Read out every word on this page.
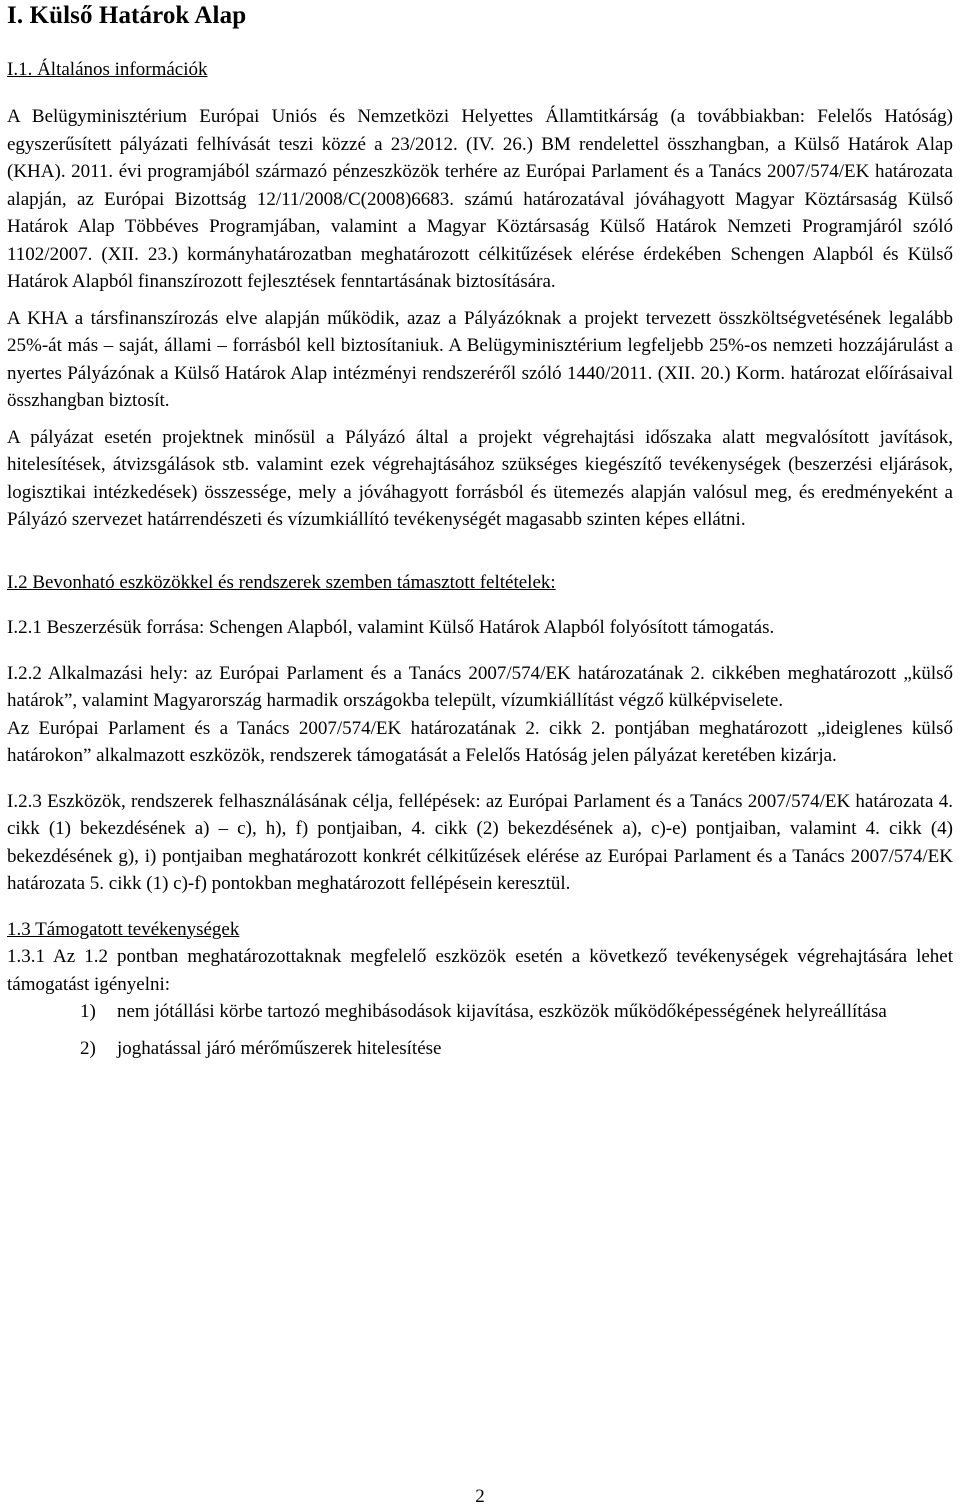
I. Külső Határok Alap
I.1. Általános információk

A Belügyminisztérium Európai Uniós és Nemzetközi Helyettes Államtitkárság (a továbbiakban: Felelős Hatóság) egyszerűsített pályázati felhívását teszi közzé a 23/2012. (IV. 26.) BM rendelettel összhangban, a Külső Határok Alap (KHA). 2011. évi programjából származó pénzeszközök terhére az Európai Parlament és a Tanács 2007/574/EK határozata alapján, az Európai Bizottság 12/11/2008/C(2008)6683. számú határozatával jóváhagyott Magyar Köztársaság Külső Határok Alap Többéves Programjában, valamint a Magyar Köztársaság Külső Határok Nemzeti Programjáról szóló 1102/2007. (XII. 23.) kormányhatározatban meghatározott célkitűzések elérése érdekében Schengen Alapból és Külső Határok Alapból finanszírozott fejlesztések fenntartásának biztosítására.

A KHA a társfinanszírozás elve alapján működik, azaz a Pályázóknak a projekt tervezett összköltségvetésének legalább 25%-át más – saját, állami – forrásból kell biztosítaniuk. A Belügyminisztérium legfeljebb 25%-os nemzeti hozzájárulást a nyertes Pályázónak a Külső Határok Alap intézményi rendszeréről szóló 1440/2011. (XII. 20.) Korm. határozat előírásaival összhangban biztosít.

A pályázat esetén projektnek minősül a Pályázó által a projekt végrehajtási időszaka alatt megvalósított javítások, hitelesítések, átvizsgálások stb. valamint ezek végrehajtásához szükséges kiegészítő tevékenységek (beszerzési eljárások, logisztikai intézkedések) összessége, mely a jóváhagyott forrásból és ütemezés alapján valósul meg, és eredményeként a Pályázó szervezet határrendészeti és vízumkiállító tevékenységét magasabb szinten képes ellátni.

I.2 Bevonható eszközökkel és rendszerek szemben támasztott feltételek:

I.2.1 Beszerzésük forrása: Schengen Alapból, valamint Külső Határok Alapból folyósított támogatás.

I.2.2 Alkalmazási hely: az Európai Parlament és a Tanács 2007/574/EK határozatának 2. cikkében meghatározott „külső határok”, valamint Magyarország harmadik országokba települt, vízumkiállítást végző külképviselete.

Az Európai Parlament és a Tanács 2007/574/EK határozatának 2. cikk 2. pontjában meghatározott „ideiglenes külső határokon” alkalmazott eszközök, rendszerek támogatását a Felelős Hatóság jelen pályázat keretében kizárja.

I.2.3 Eszközök, rendszerek felhasználásának célja, fellépések: az Európai Parlament és a Tanács 2007/574/EK határozata 4. cikk (1) bekezdésének a) – c), h), f) pontjaiban, 4. cikk (2) bekezdésének a), c)-e) pontjaiban, valamint 4. cikk (4) bekezdésének g), i) pontjaiban meghatározott konkrét célkitűzések elérése az Európai Parlament és a Tanács 2007/574/EK határozata 5. cikk (1) c)-f) pontokban meghatározott fellépésein keresztül.

1.3 Támogatott tevékenységek

1.3.1 Az 1.2 pontban meghatározottaknak megfelelő eszközök esetén a következő tevékenységek végrehajtására lehet támogatást igényelni:

1) nem jótállási körbe tartozó meghibásodások kijavítása, eszközök működőképességének helyreállítása
2) joghatással járó mérőműszerek hitelesítése
2
